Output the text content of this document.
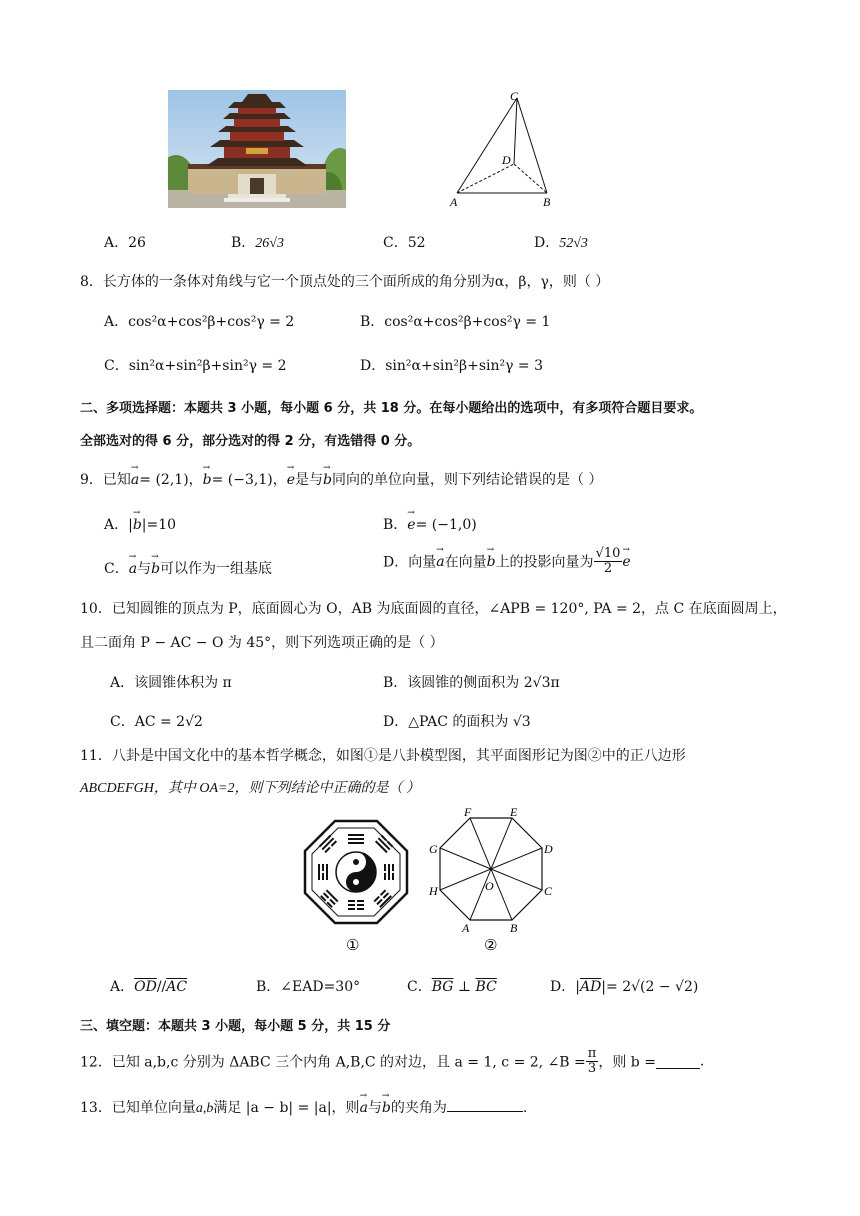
C
D
A	B
A．26	B．26√3	C．52	D．52√3
8．长方体的一条体对角线与它一个顶点处的三个面所成的角分别为α，β，γ，则（ ）
A．cos²α+cos²β+cos²γ = 2	B．cos²α+cos²β+cos²γ = 1
C．sin²α+sin²β+sin²γ = 2	D．sin²α+sin²β+sin²γ = 3
二、多项选择题：本题共 3 小题，每小题 6 分，共 18 分。在每小题给出的选项中，有多项符合题目要求。
全部选对的得 6 分，部分选对的得 2 分，有选错得 0 分。
9．已知→ a= (2,1)，→ b= (−3,1)，→ e是与→ b同向的单位向量，则下列结论错误的是（ ）
A．|→ b|=10	B．→ e= (−1,0)
C．→ a与→ b可以作为一组基底	D．向量→ a在向量→ b上的投影向量为 $\frac{√10}{2} \to e$
10．已知圆锥的顶点为 P，底面圆心为 O，AB 为底面圆的直径，∠APB = 120°, PA = 2，点 C 在底面圆周上，
且二面角 P − AC − O 为 45°，则下列选项正确的是（ ）
A．该圆锥体积为 π	B．该圆锥的侧面积为 2√3π
C．AC = 2√2	D．△PAC 的面积为 √3
11．八卦是中国文化中的基本哲学概念，如图①是八卦模型图，其平面图形记为图②中的正八边形
ABCDEFGH，其中 OA=2，则下列结论中正确的是（ ）
①
F	E
G	D
H	O	C
A	B
②
A．$\overline{OD}//\overline{AC}$	B．∠EAD=30°	C．$\overline{BG}$ ⊥ $\overline{BC}$	D．$|\overline{AD}|= 2√(2 - √2)$
三、填空题：本题共 3 小题，每小题 5 分，共 15 分
12．已知 a,b,c 分别为 ΔABC 三个内角 A,B,C 的对边，且 a = 1, c = 2, ∠B = $\frac{\pi}{3}$ ，则 b =	.
13．已知单位向量a,b满足 |a − b| = |a|，则→ a与→ b的夹角为	.
